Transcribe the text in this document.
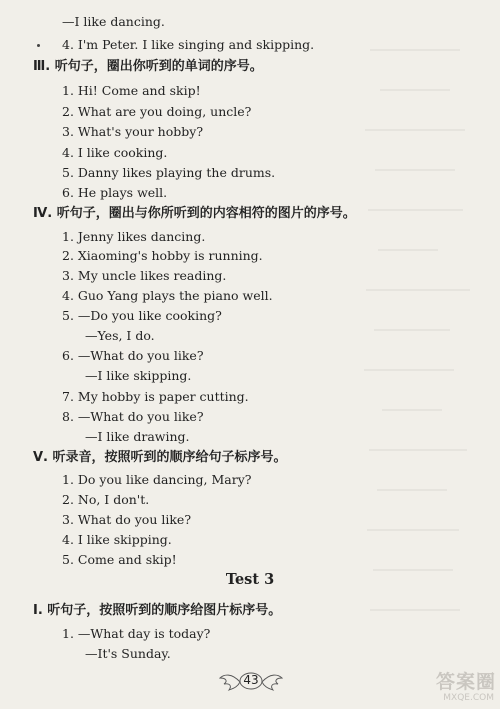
—I like dancing.
4. I'm Peter. I like singing and skipping.
Ⅲ. 听句子，圈出你听到的单词的序号。
1. Hi! Come and skip!
2. What are you doing, uncle?
3. What's your hobby?
4. I like cooking.
5. Danny likes playing the drums.
6. He plays well.
Ⅳ. 听句子，圈出与你所听到的内容相符的图片的序号。
1. Jenny likes dancing.
2. Xiaoming's hobby is running.
3. My uncle likes reading.
4. Guo Yang plays the piano well.
5. —Do you like cooking?
—Yes, I do.
6. —What do you like?
—I like skipping.
7. My hobby is paper cutting.
8. —What do you like?
—I like drawing.
Ⅴ. 听录音，按照听到的顺序给句子标序号。
1. Do you like dancing, Mary?
2. No, I don't.
3. What do you like?
4. I like skipping.
5. Come and skip!
Test 3
Ⅰ. 听句子，按照听到的顺序给图片标序号。
1. —What day is today?
—It's Sunday.
43	答案圈
MXQE.COM
